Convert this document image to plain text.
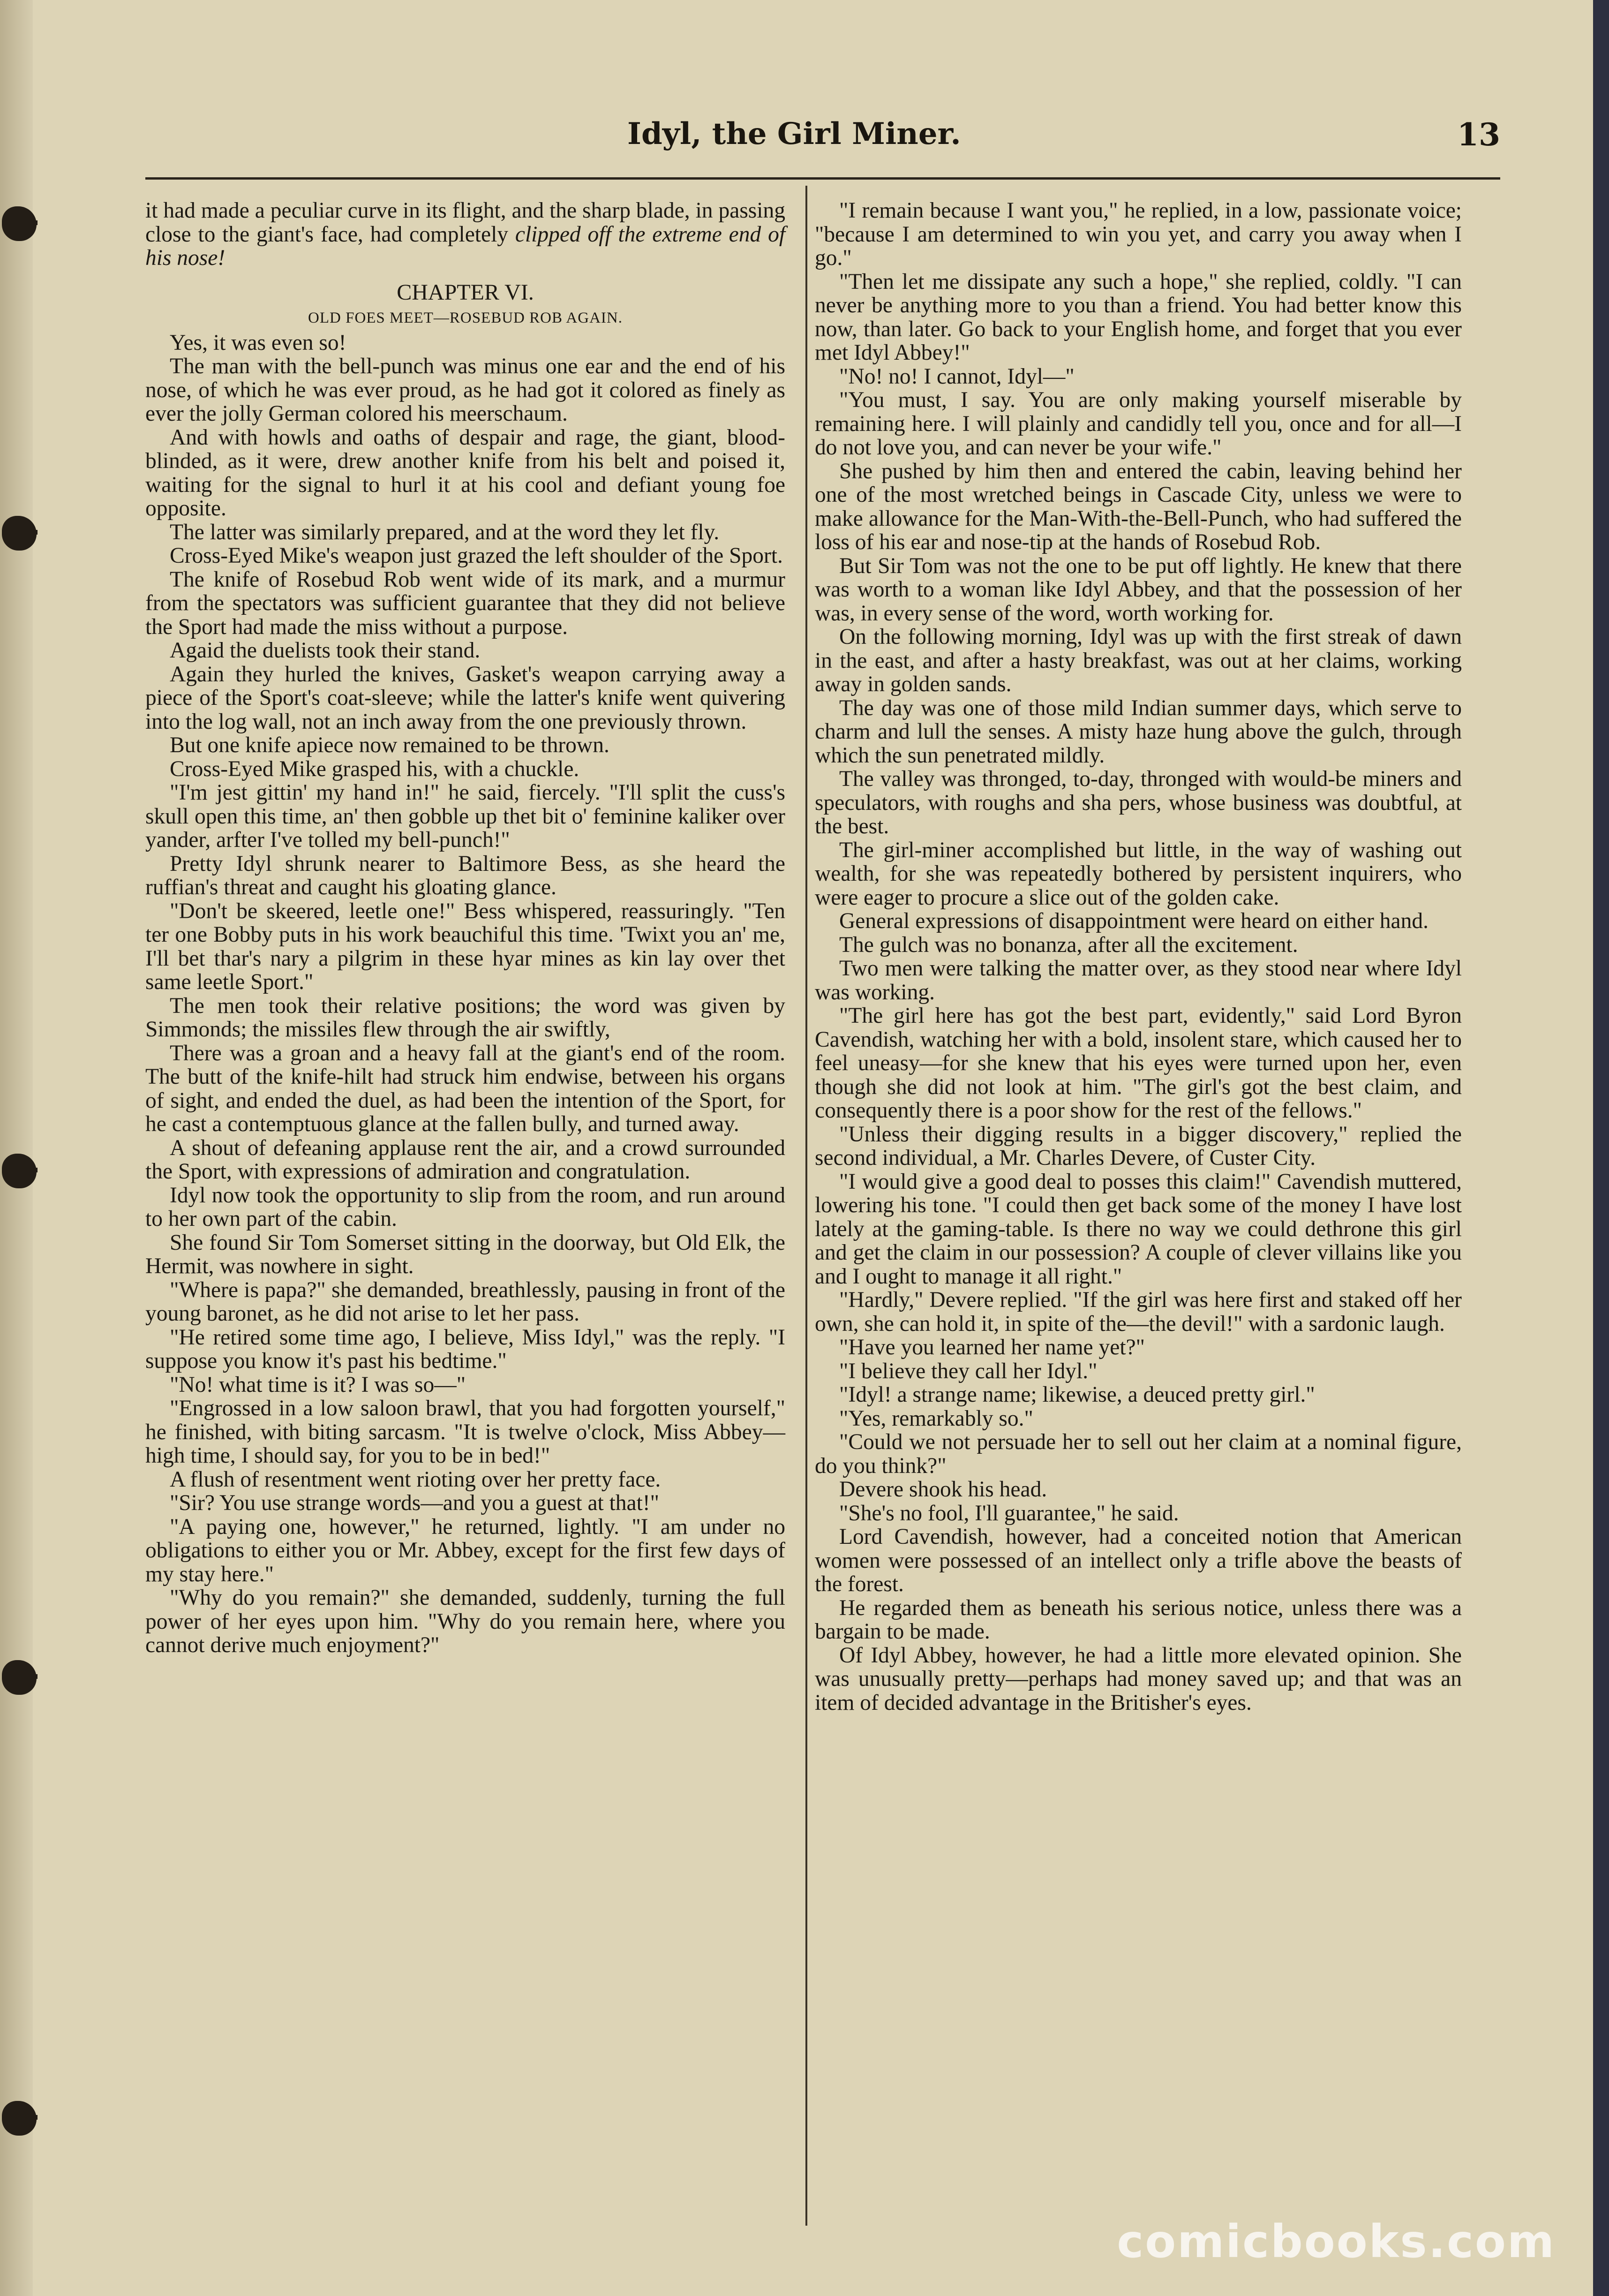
Idyl, the Girl Miner.	13

it had made a peculiar curve in its flight, and the sharp blade, in passing close to the giant's face, had completely clipped off the extreme end of his nose!

CHAPTER VI.
OLD FOES MEET—ROSEBUD ROB AGAIN.

Yes, it was even so!

The man with the bell-punch was minus one ear and the end of his nose, of which he was ever proud, as he had got it colored as finely as ever the jolly German colored his meerschaum.

And with howls and oaths of despair and rage, the giant, blood-blinded, as it were, drew another knife from his belt and poised it, waiting for the signal to hurl it at his cool and defiant young foe opposite.

The latter was similarly prepared, and at the word they let fly.

Cross-Eyed Mike's weapon just grazed the left shoulder of the Sport.

The knife of Rosebud Rob went wide of its mark, and a murmur from the spectators was sufficient guarantee that they did not believe the Sport had made the miss without a purpose.

Agaid the duelists took their stand.

Again they hurled the knives, Gasket's weapon carrying away a piece of the Sport's coat-sleeve; while the latter's knife went quivering into the log wall, not an inch away from the one previously thrown.

But one knife apiece now remained to be thrown.

Cross-Eyed Mike grasped his, with a chuckle.

"I'm jest gittin' my hand in!" he said, fiercely. "I'll split the cuss's skull open this time, an' then gobble up thet bit o' feminine kaliker over yander, arfter I've tolled my bell-punch!"

Pretty Idyl shrunk nearer to Baltimore Bess, as she heard the ruffian's threat and caught his gloating glance.

"Don't be skeered, leetle one!" Bess whispered, reassuringly. "Ten ter one Bobby puts in his work beauchiful this time. 'Twixt you an' me, I'll bet thar's nary a pilgrim in these hyar mines as kin lay over thet same leetle Sport."

The men took their relative positions; the word was given by Simmonds; the missiles flew through the air swiftly,

There was a groan and a heavy fall at the giant's end of the room. The butt of the knife-hilt had struck him endwise, between his organs of sight, and ended the duel, as had been the intention of the Sport, for he cast a contemptuous glance at the fallen bully, and turned away.

A shout of defeaning applause rent the air, and a crowd surrounded the Sport, with expressions of admiration and congratulation.

Idyl now took the opportunity to slip from the room, and run around to her own part of the cabin.

She found Sir Tom Somerset sitting in the doorway, but Old Elk, the Hermit, was nowhere in sight.

"Where is papa?" she demanded, breathlessly, pausing in front of the young baronet, as he did not arise to let her pass.

"He retired some time ago, I believe, Miss Idyl," was the reply. "I suppose you know it's past his bedtime."

"No! what time is it? I was so—"

"Engrossed in a low saloon brawl, that you had forgotten yourself," he finished, with biting sarcasm. "It is twelve o'clock, Miss Abbey—high time, I should say, for you to be in bed!"

A flush of resentment went rioting over her pretty face.

"Sir? You use strange words—and you a guest at that!"

"A paying one, however," he returned, lightly. "I am under no obligations to either you or Mr. Abbey, except for the first few days of my stay here."

"Why do you remain?" she demanded, suddenly, turning the full power of her eyes upon him. "Why do you remain here, where you cannot derive much enjoyment?"

"I remain because I want you," he replied, in a low, passionate voice; "because I am determined to win you yet, and carry you away when I go."

"Then let me dissipate any such a hope," she replied, coldly. "I can never be anything more to you than a friend. You had better know this now, than later. Go back to your English home, and forget that you ever met Idyl Abbey!"

"No! no! I cannot, Idyl—"

"You must, I say. You are only making yourself miserable by remaining here. I will plainly and candidly tell you, once and for all—I do not love you, and can never be your wife."

She pushed by him then and entered the cabin, leaving behind her one of the most wretched beings in Cascade City, unless we were to make allowance for the Man-With-the-Bell-Punch, who had suffered the loss of his ear and nose-tip at the hands of Rosebud Rob.

But Sir Tom was not the one to be put off lightly. He knew that there was worth to a woman like Idyl Abbey, and that the possession of her was, in every sense of the word, worth working for.

On the following morning, Idyl was up with the first streak of dawn in the east, and after a hasty breakfast, was out at her claims, working away in golden sands.

The day was one of those mild Indian summer days, which serve to charm and lull the senses. A misty haze hung above the gulch, through which the sun penetrated mildly.

The valley was thronged, to-day, thronged with would-be miners and speculators, with roughs and sha pers, whose business was doubtful, at the best.

The girl-miner accomplished but little, in the way of washing out wealth, for she was repeatedly bothered by persistent inquirers, who were eager to procure a slice out of the golden cake.

General expressions of disappointment were heard on either hand.

The gulch was no bonanza, after all the excitement.

Two men were talking the matter over, as they stood near where Idyl was working.

"The girl here has got the best part, evidently," said Lord Byron Cavendish, watching her with a bold, insolent stare, which caused her to feel uneasy—for she knew that his eyes were turned upon her, even though she did not look at him. "The girl's got the best claim, and consequently there is a poor show for the rest of the fellows."

"Unless their digging results in a bigger discovery," replied the second individual, a Mr. Charles Devere, of Custer City.

"I would give a good deal to posses this claim!" Cavendish muttered, lowering his tone. "I could then get back some of the money I have lost lately at the gaming-table. Is there no way we could dethrone this girl and get the claim in our possession? A couple of clever villains like you and I ought to manage it all right."

"Hardly," Devere replied. "If the girl was here first and staked off her own, she can hold it, in spite of the—the devil!" with a sardonic laugh.

"Have you learned her name yet?"

"I believe they call her Idyl."

"Idyl! a strange name; likewise, a deuced pretty girl."

"Yes, remarkably so."

"Could we not persuade her to sell out her claim at a nominal figure, do you think?"

Devere shook his head.

"She's no fool, I'll guarantee," he said.

Lord Cavendish, however, had a conceited notion that American women were possessed of an intellect only a trifle above the beasts of the forest.

He regarded them as beneath his serious notice, unless there was a bargain to be made.

Of Idyl Abbey, however, he had a little more elevated opinion. She was unusually pretty—perhaps had money saved up; and that was an item of decided advantage in the Britisher's eyes.

comicbooks.com
